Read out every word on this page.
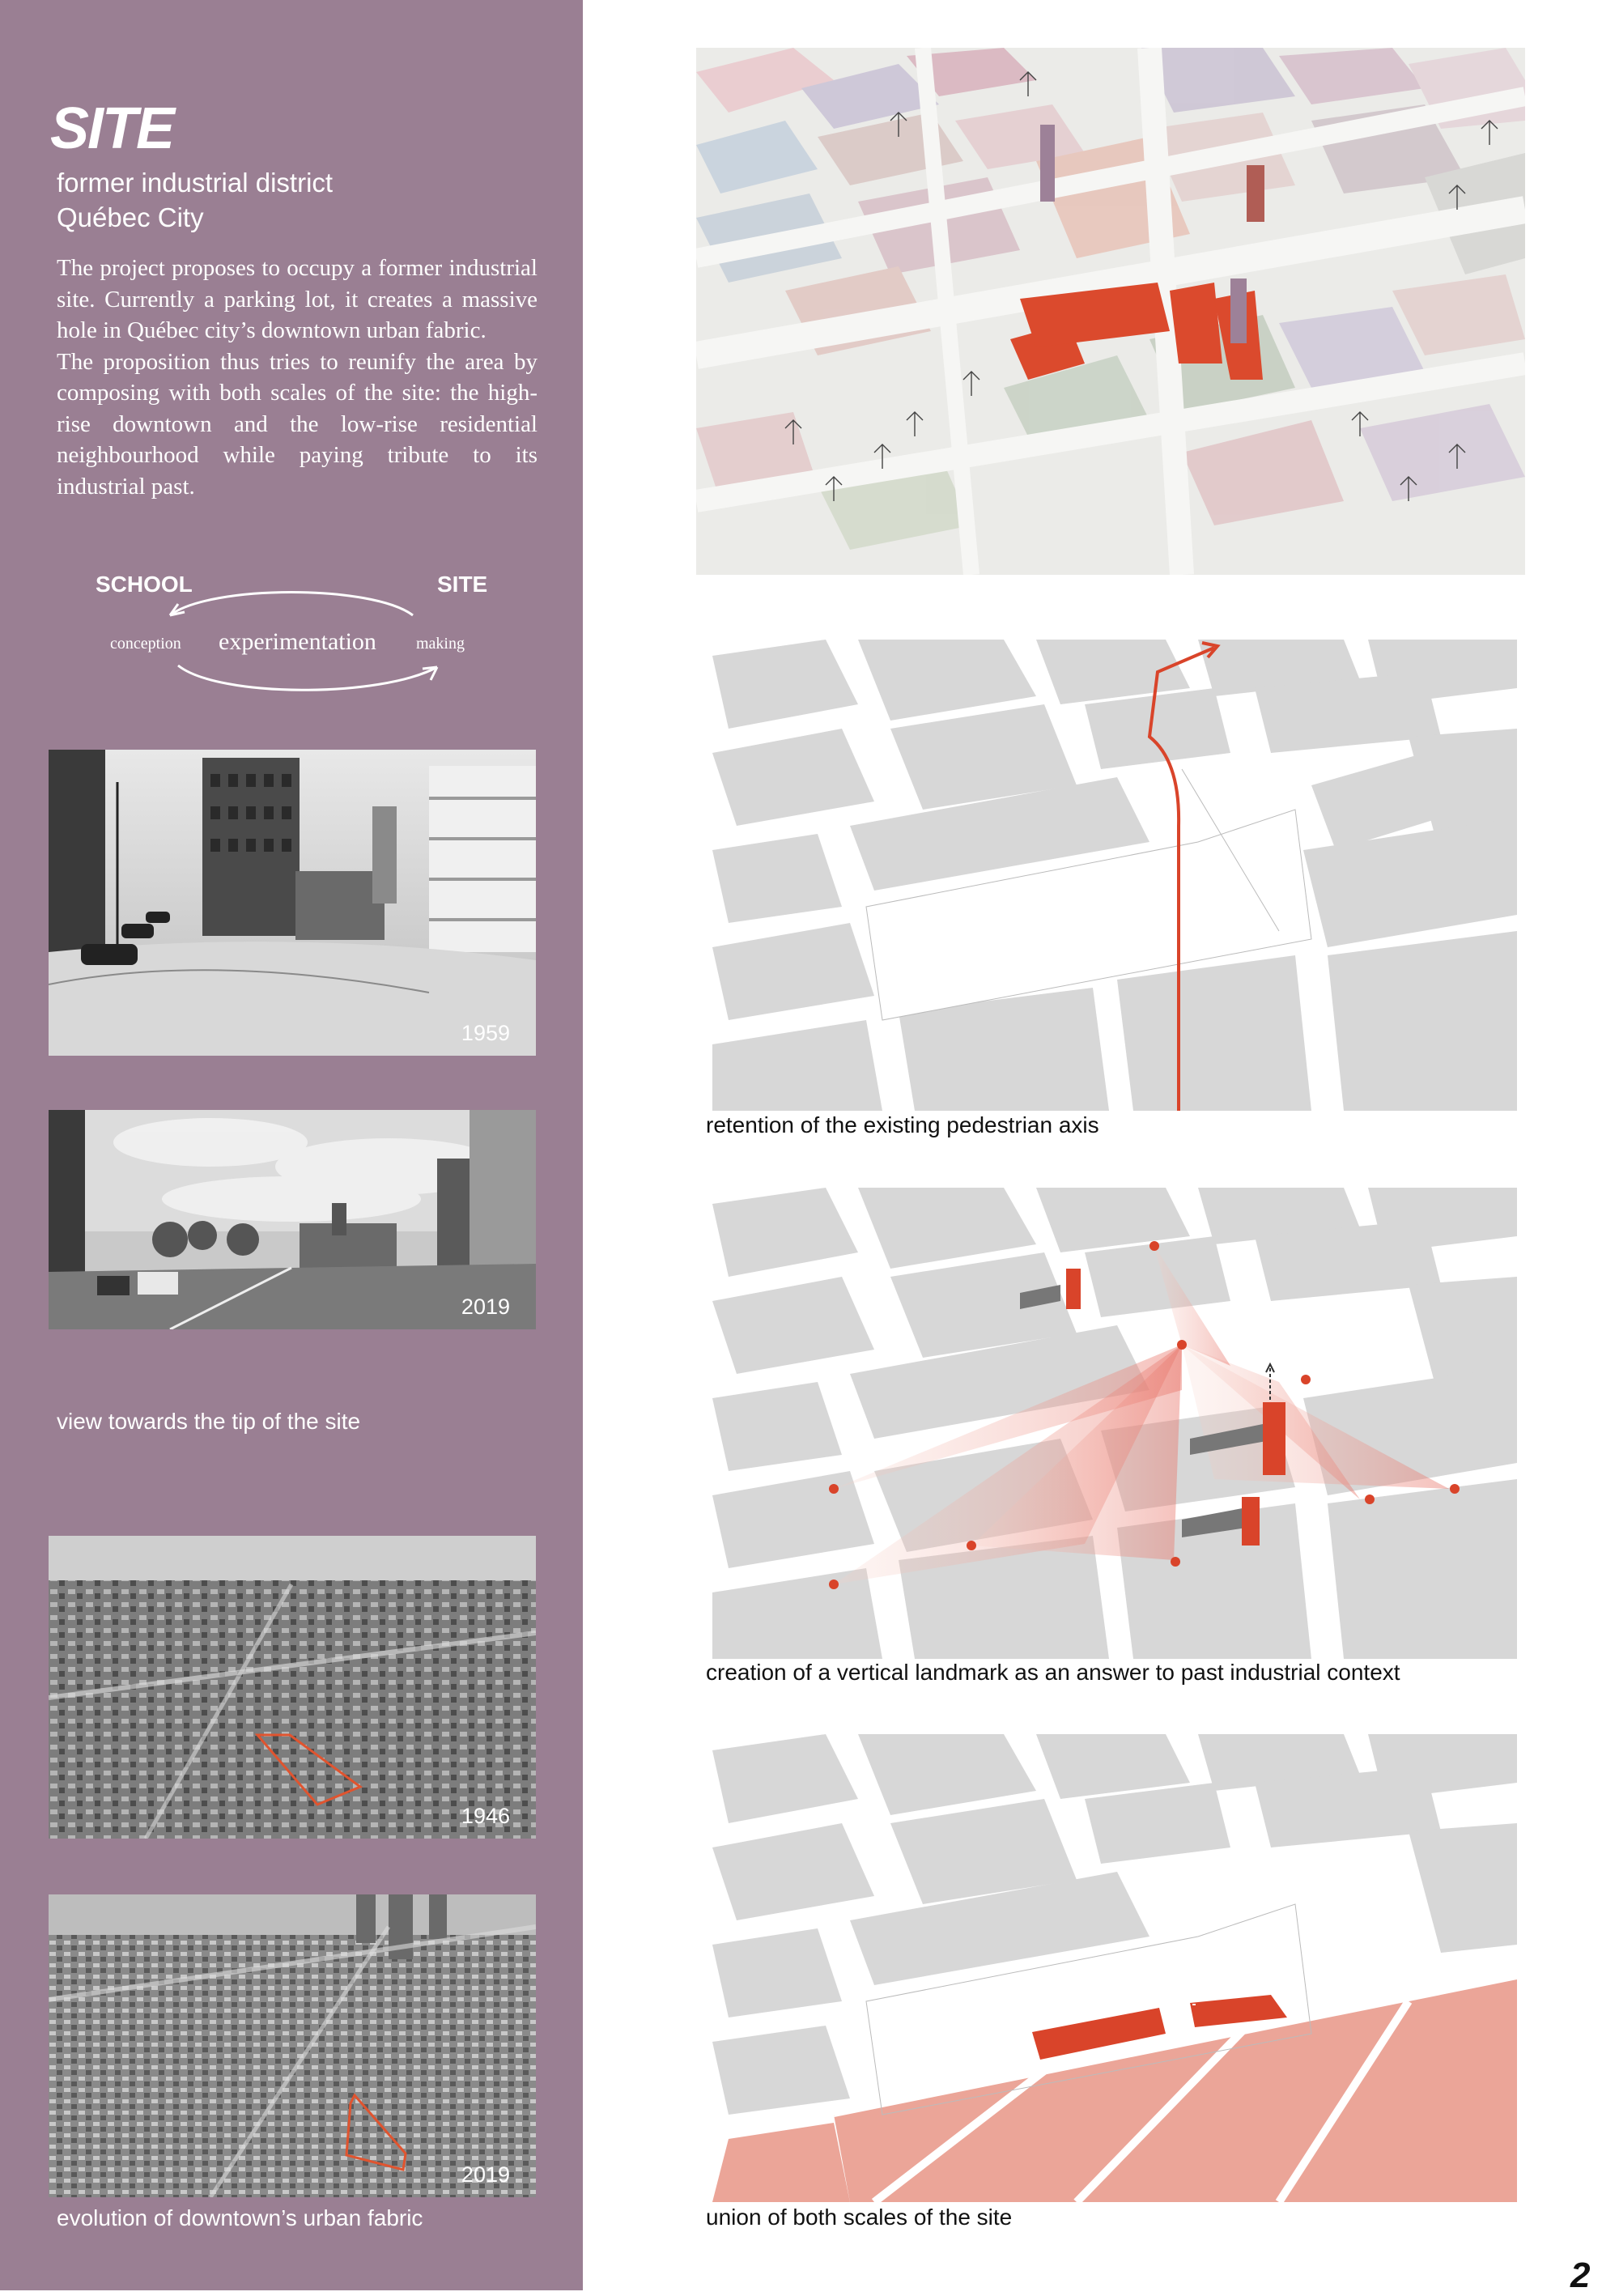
SITE
former industrial district
Québec City

The project proposes to occupy a former industrial site. Currently a parking lot, it creates a massive hole in Québec city’s downtown urban fabric.

The proposition thus tries to reunify the area by composing with both scales of the site: the high-rise downtown and the low-rise residential neighbourhood while paying tribute to its industrial past.

SCHOOL	SITE
conception experimentation making
1959
2019
view towards the tip of the site
1946
2019
evolution of downtown’s urban fabric
retention of the existing pedestrian axis
creation of a vertical landmark as an answer to past industrial context
union of both scales of the site
2
